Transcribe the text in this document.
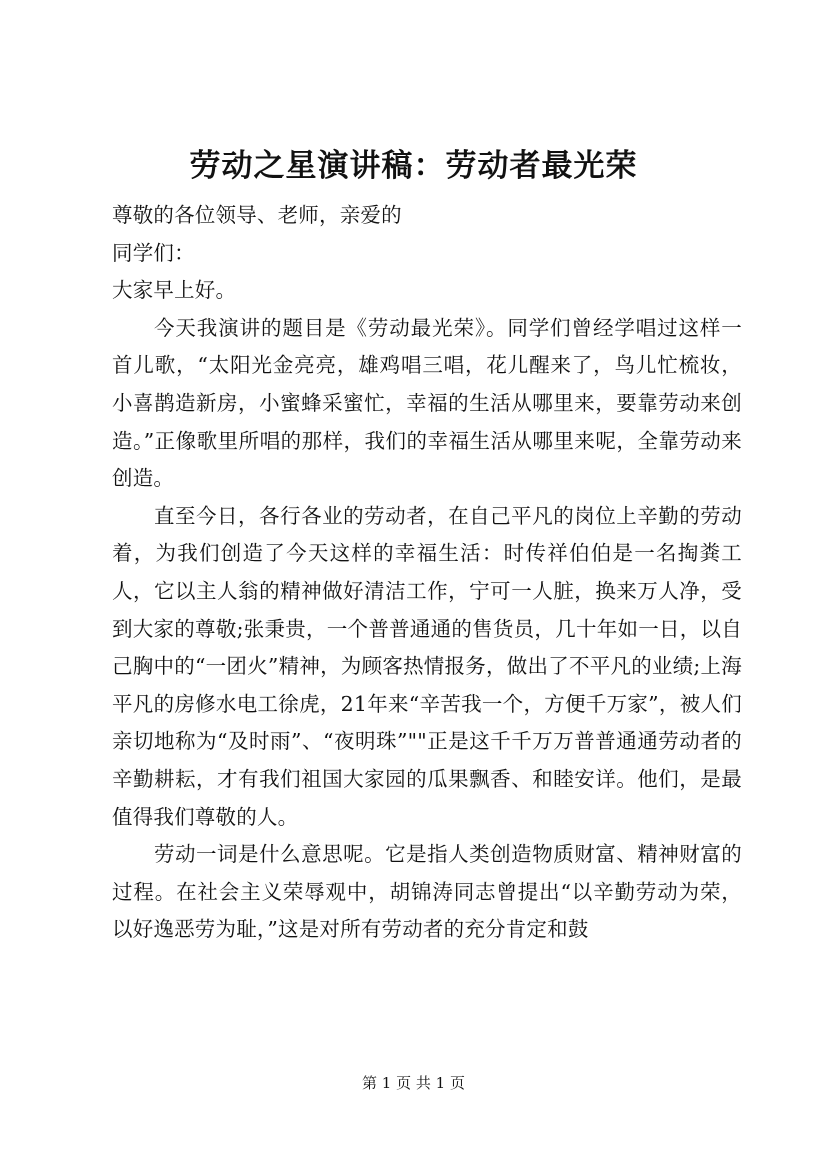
劳动之星演讲稿：劳动者最光荣

尊敬的各位领导、老师，亲爱的

同学们：

大家早上好。

今天我演讲的题目是《劳动最光荣》。同学们曾经学唱过这样一首儿歌，“太阳光金亮亮，雄鸡唱三唱，花儿醒来了，鸟儿忙梳妆，小喜鹊造新房，小蜜蜂采蜜忙，幸福的生活从哪里来，要靠劳动来创造。”正像歌里所唱的那样，我们的幸福生活从哪里来呢，全靠劳动来创造。

直至今日，各行各业的劳动者，在自己平凡的岗位上辛勤的劳动着，为我们创造了今天这样的幸福生活：时传祥伯伯是一名掏粪工人，它以主人翁的精神做好清洁工作，宁可一人脏，换来万人净，受到大家的尊敬;张秉贵，一个普普通通的售货员，几十年如一日，以自己胸中的“一团火”精神，为顾客热情报务，做出了不平凡的业绩;上海平凡的房修水电工徐虎，21年来“辛苦我一个，方便千万家”，被人们亲切地称为“及时雨”、“夜明珠”""正是这千千万万普普通通劳动者的辛勤耕耘，才有我们祖国大家园的瓜果飘香、和睦安详。他们，是最值得我们尊敬的人。

劳动一词是什么意思呢。它是指人类创造物质财富、精神财富的过程。在社会主义荣辱观中，胡锦涛同志曾提出“以辛勤劳动为荣，以好逸恶劳为耻，”这是对所有劳动者的充分肯定和鼓

第 1 页 共 1 页
